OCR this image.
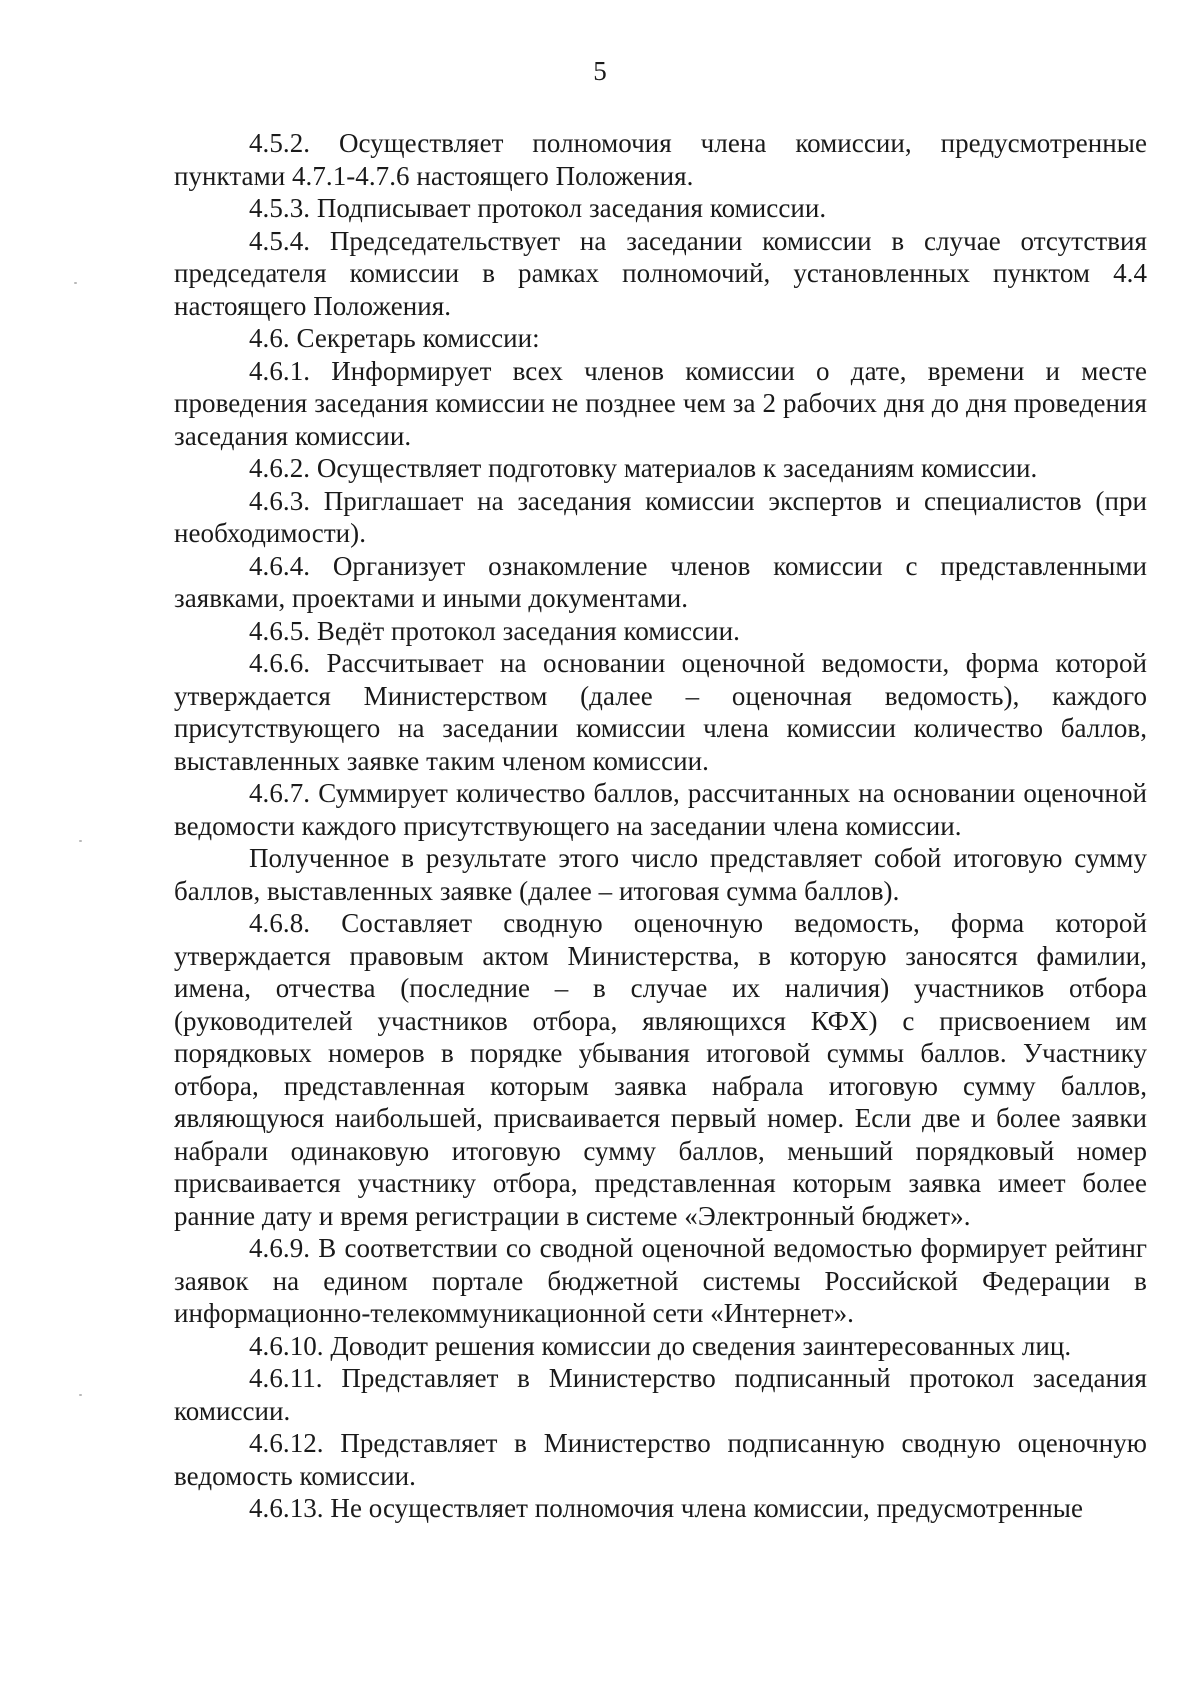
5

4.5.2. Осуществляет полномочия члена комиссии, предусмотренные пунктами 4.7.1-4.7.6 настоящего Положения.

4.5.3. Подписывает протокол заседания комиссии.

4.5.4. Председательствует на заседании комиссии в случае отсутствия председателя комиссии в рамках полномочий, установленных пунктом 4.4 настоящего Положения.

4.6. Секретарь комиссии:

4.6.1. Информирует всех членов комиссии о дате, времени и месте проведения заседания комиссии не позднее чем за 2 рабочих дня до дня проведения заседания комиссии.

4.6.2. Осуществляет подготовку материалов к заседаниям комиссии.

4.6.3. Приглашает на заседания комиссии экспертов и специалистов (при необходимости).

4.6.4. Организует ознакомление членов комиссии с представленными заявками, проектами и иными документами.

4.6.5. Ведёт протокол заседания комиссии.

4.6.6. Рассчитывает на основании оценочной ведомости, форма которой утверждается Министерством (далее – оценочная ведомость), каждого присутствующего на заседании комиссии члена комиссии количество баллов, выставленных заявке таким членом комиссии.

4.6.7. Суммирует количество баллов, рассчитанных на основании оценочной ведомости каждого присутствующего на заседании члена комиссии.

Полученное в результате этого число представляет собой итоговую сумму баллов, выставленных заявке (далее – итоговая сумма баллов).

4.6.8. Составляет сводную оценочную ведомость, форма которой утверждается правовым актом Министерства, в которую заносятся фамилии, имена, отчества (последние – в случае их наличия) участников отбора (руководителей участников отбора, являющихся КФХ) с присвоением им порядковых номеров в порядке убывания итоговой суммы баллов. Участнику отбора, представленная которым заявка набрала итоговую сумму баллов, являющуюся наибольшей, присваивается первый номер. Если две и более заявки набрали одинаковую итоговую сумму баллов, меньший порядковый номер присваивается участнику отбора, представленная которым заявка имеет более ранние дату и время регистрации в системе «Электронный бюджет».

4.6.9. В соответствии со сводной оценочной ведомостью формирует рейтинг заявок на едином портале бюджетной системы Российской Федерации в информационно-телекоммуникационной сети «Интернет».

4.6.10. Доводит решения комиссии до сведения заинтересованных лиц.

4.6.11. Представляет в Министерство подписанный протокол заседания комиссии.

4.6.12. Представляет в Министерство подписанную сводную оценочную ведомость комиссии.

4.6.13. Не осуществляет полномочия члена комиссии, предусмотренные
